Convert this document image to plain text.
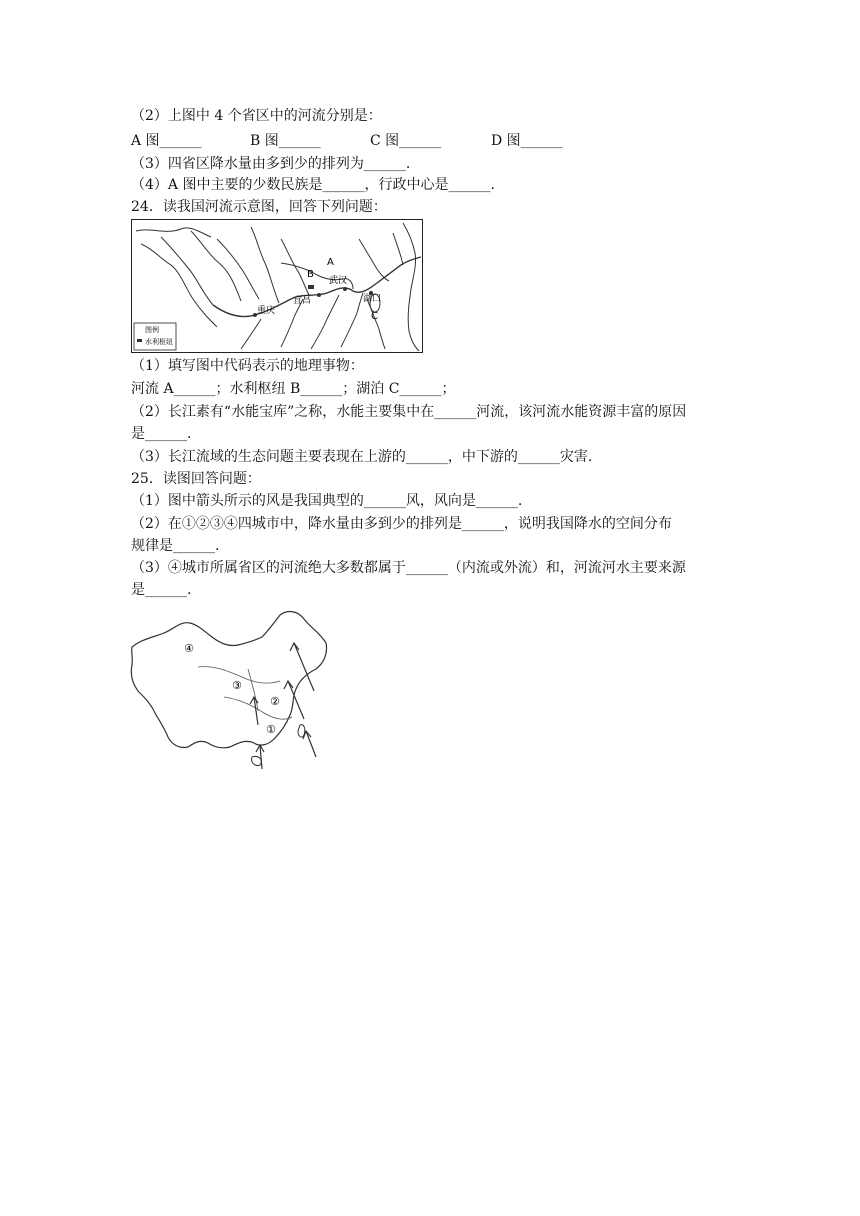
（2）上图中 4 个省区中的河流分别是：
A 图______	B 图______	C 图______	D 图______
（3）四省区降水量由多到少的排列为______.
（4）A 图中主要的少数民族是______，行政中心是______.
24．读我国河流示意图，回答下列问题：
A
B
C
武汉
湖口
宜昌
重庆
图例
水利枢纽
（1）填写图中代码表示的地理事物：
河流 A______；水利枢纽 B______；湖泊 C______；
（2）长江素有“水能宝库”之称，水能主要集中在______河流，该河流水能资源丰富的原因
是______.
（3）长江流域的生态问题主要表现在上游的______，中下游的______灾害.
25．读图回答问题：
（1）图中箭头所示的风是我国典型的______风，风向是______.
（2）在①②③④四城市中，降水量由多到少的排列是______，说明我国降水的空间分布
规律是______.
（3）④城市所属省区的河流绝大多数都属于______（内流或外流）和，河流河水主要来源
是______.
④
③
②
①
